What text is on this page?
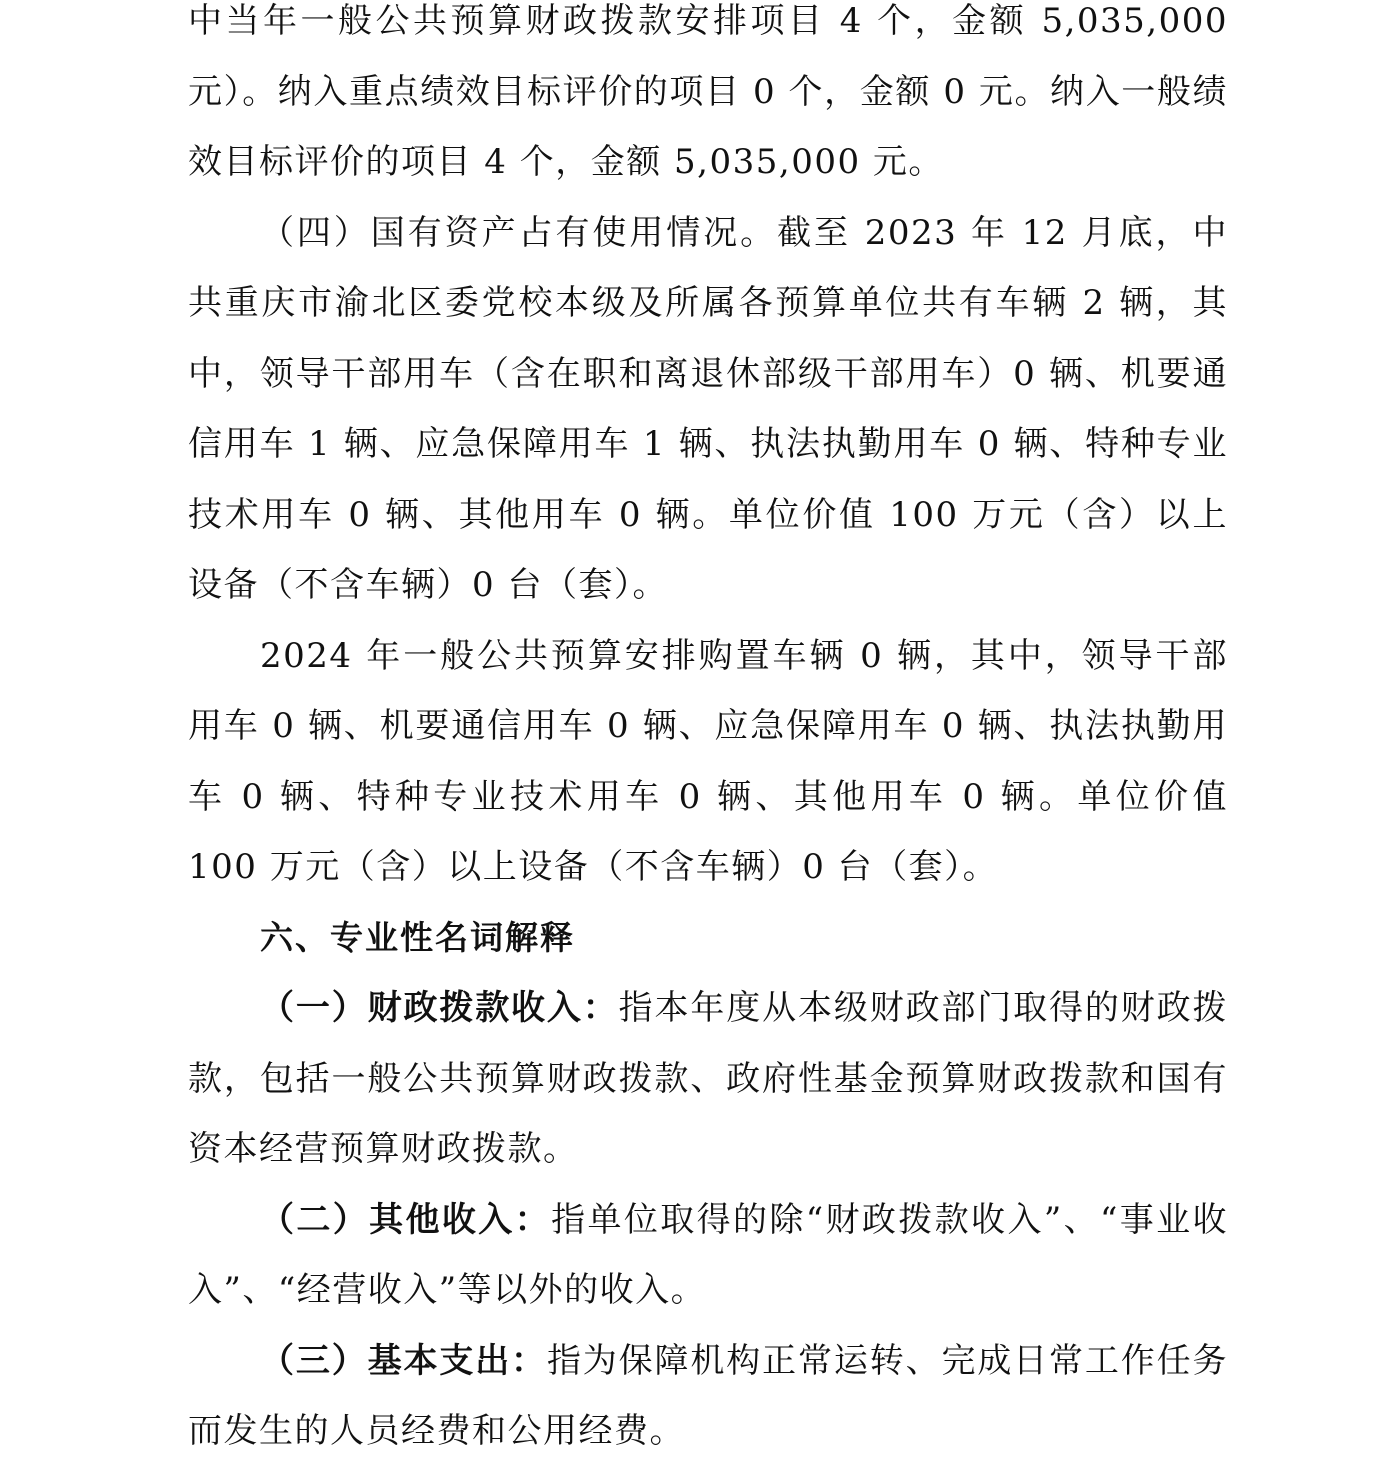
中当年一般公共预算财政拨款安排项目 4 个，金额 5,035,000 元）。纳入重点绩效目标评价的项目 0 个，金额 0 元。纳入一般绩效目标评价的项目 4 个，金额 5,035,000 元。

（四）国有资产占有使用情况。截至 2023 年 12 月底，中共重庆市渝北区委党校本级及所属各预算单位共有车辆 2 辆，其中，领导干部用车（含在职和离退休部级干部用车）0 辆、机要通信用车 1 辆、应急保障用车 1 辆、执法执勤用车 0 辆、特种专业技术用车 0 辆、其他用车 0 辆。单位价值 100 万元（含）以上设备（不含车辆）0 台（套）。

2024 年一般公共预算安排购置车辆 0 辆，其中，领导干部用车 0 辆、机要通信用车 0 辆、应急保障用车 0 辆、执法执勤用车 0 辆、特种专业技术用车 0 辆、其他用车 0 辆。单位价值 100 万元（含）以上设备（不含车辆）0 台（套）。

六、专业性名词解释

（一）财政拨款收入：指本年度从本级财政部门取得的财政拨款，包括一般公共预算财政拨款、政府性基金预算财政拨款和国有资本经营预算财政拨款。

（二）其他收入：指单位取得的除“财政拨款收入”、“事业收入”、“经营收入”等以外的收入。

（三）基本支出：指为保障机构正常运转、完成日常工作任务而发生的人员经费和公用经费。
